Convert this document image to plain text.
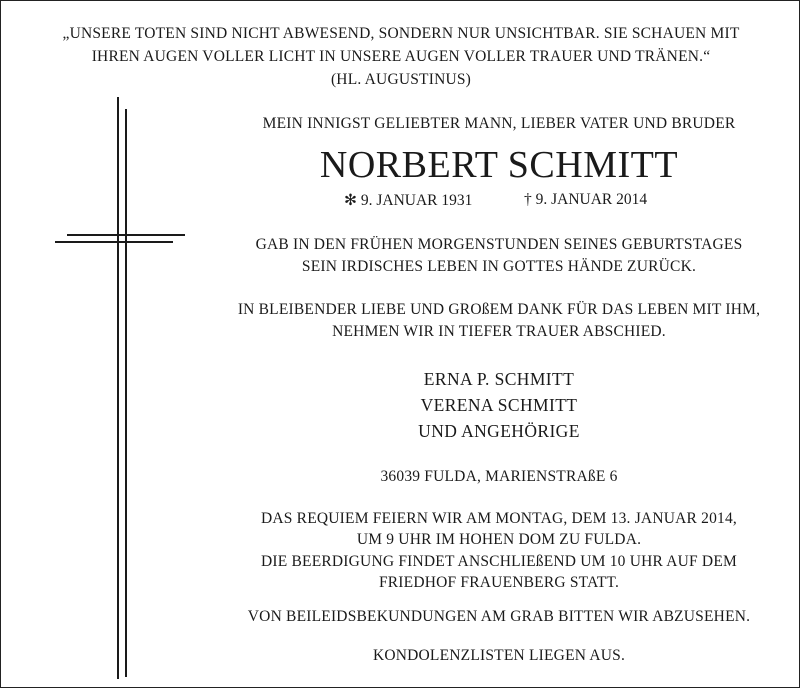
„UNSERE TOTEN SIND NICHT ABWESEND, SONDERN NUR UNSICHTBAR. SIE SCHAUEN MIT
IHREN AUGEN VOLLER LICHT IN UNSERE AUGEN VOLLER TRAUER UND TRÄNEN.“
(HL. AUGUSTINUS)
MEIN INNIGST GELIEBTER MANN, LIEBER VATER UND BRUDER
NORBERT SCHMITT
✻ 9. JANUAR 1931	† 9. JANUAR 2014
GAB IN DEN FRÜHEN MORGENSTUNDEN SEINES GEBURTSTAGES
SEIN IRDISCHES LEBEN IN GOTTES HÄNDE ZURÜCK.
IN BLEIBENDER LIEBE UND GROßEM DANK FÜR DAS LEBEN MIT IHM,
NEHMEN WIR IN TIEFER TRAUER ABSCHIED.
ERNA P. SCHMITT
VERENA SCHMITT
UND ANGEHÖRIGE
36039 FULDA, MARIENSTRAßE 6
DAS REQUIEM FEIERN WIR AM MONTAG, DEM 13. JANUAR 2014,
UM 9 UHR IM HOHEN DOM ZU FULDA.
DIE BEERDIGUNG FINDET ANSCHLIEßEND UM 10 UHR AUF DEM
FRIEDHOF FRAUENBERG STATT.
VON BEILEIDSBEKUNDUNGEN AM GRAB BITTEN WIR ABZUSEHEN.
KONDOLENZLISTEN LIEGEN AUS.
